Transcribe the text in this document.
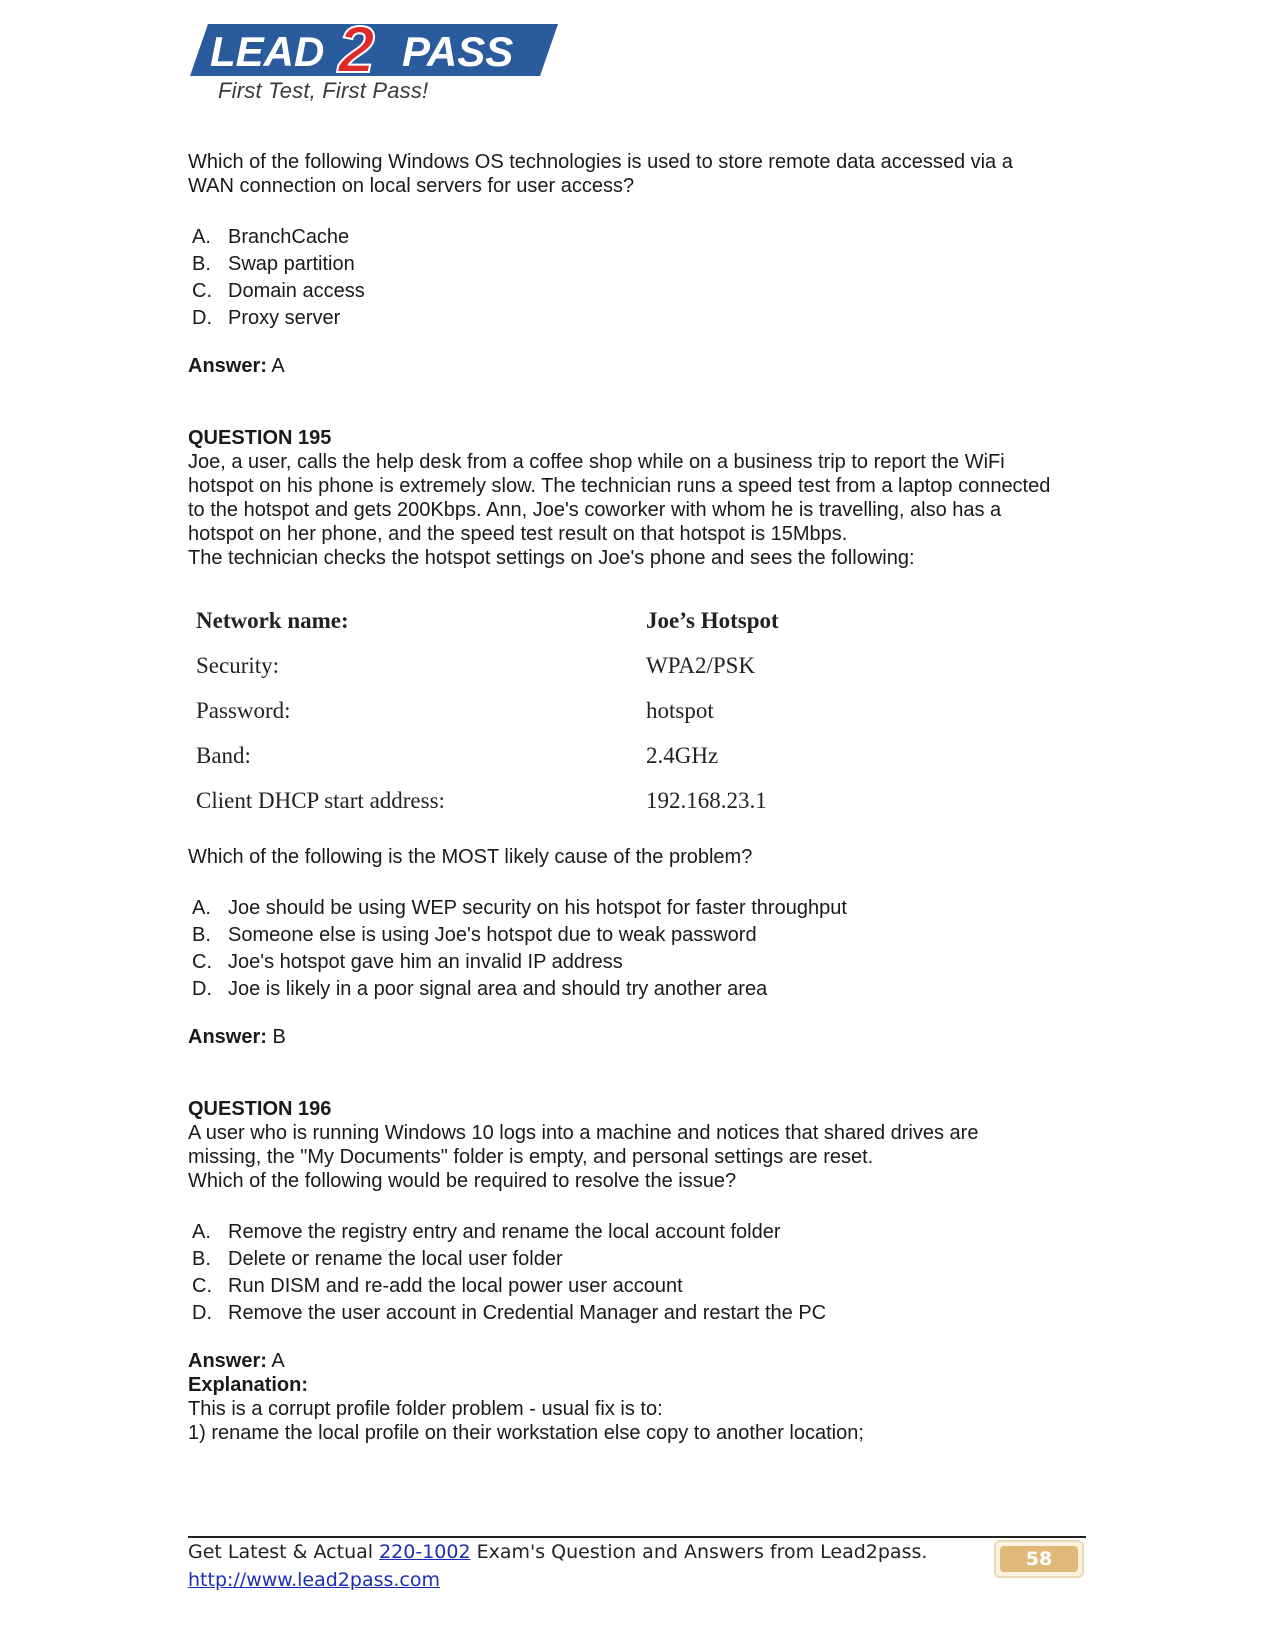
LEAD 2 PASS
First Test, First Pass!

Which of the following Windows OS technologies is used to store remote data accessed via a
WAN connection on local servers for user access?

A. BranchCache
B. Swap partition
C. Domain access
D. Proxy server
Answer: A
QUESTION 195

Joe, a user, calls the help desk from a coffee shop while on a business trip to report the WiFi
hotspot on his phone is extremely slow. The technician runs a speed test from a laptop connected
to the hotspot and gets 200Kbps. Ann, Joe's coworker with whom he is travelling, also has a
hotspot on her phone, and the speed test result on that hotspot is 15Mbps.
The technician checks the hotspot settings on Joe's phone and sees the following:

Network name:	Joe’s Hotspot
Security:	WPA2/PSK
Password:	hotspot
Band:	2.4GHz
Client DHCP start address:	192.168.23.1

Which of the following is the MOST likely cause of the problem?

A. Joe should be using WEP security on his hotspot for faster throughput
B. Someone else is using Joe's hotspot due to weak password
C. Joe's hotspot gave him an invalid IP address
D. Joe is likely in a poor signal area and should try another area
Answer: B
QUESTION 196

A user who is running Windows 10 logs into a machine and notices that shared drives are
missing, the "My Documents" folder is empty, and personal settings are reset.
Which of the following would be required to resolve the issue?

A. Remove the registry entry and rename the local account folder
B. Delete or rename the local user folder
C. Run DISM and re-add the local power user account
D. Remove the user account in Credential Manager and restart the PC
Answer: A
Explanation:

This is a corrupt profile folder problem - usual fix is to:
1) rename the local profile on their workstation else copy to another location;

Get Latest & Actual 220-1002 Exam's Question and Answers from Lead2pass.
http://www.lead2pass.com
58
